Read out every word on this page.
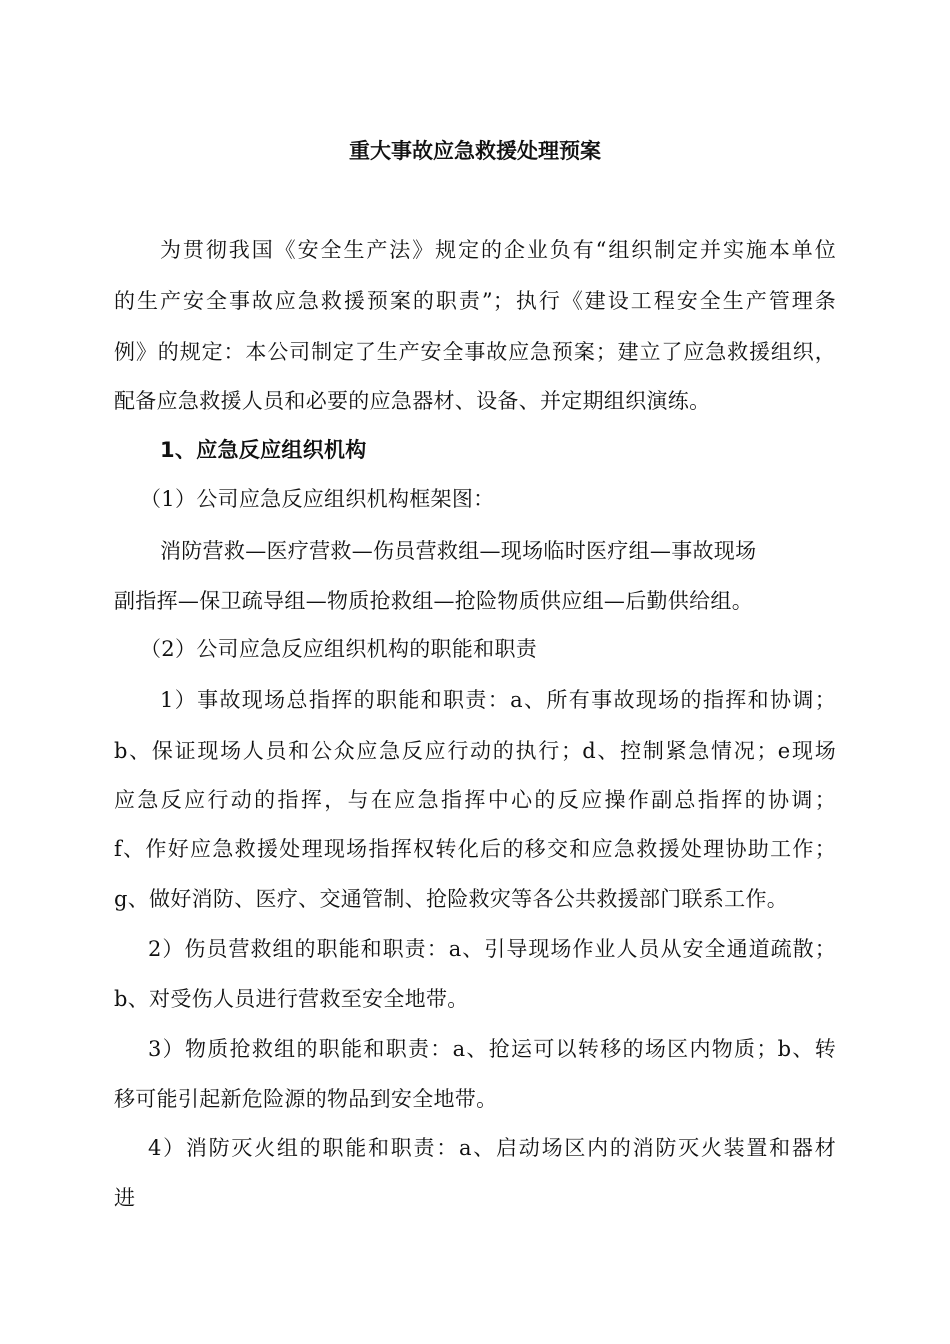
重大事故应急救援处理预案
为贯彻我国《安全生产法》规定的企业负有“组织制定并实施本单位
的生产安全事故应急救援预案的职责”；执行《建设工程安全生产管理条
例》的规定：本公司制定了生产安全事故应急预案；建立了应急救援组织，
配备应急救援人员和必要的应急器材、设备、并定期组织演练。
1、应急反应组织机构
（1）公司应急反应组织机构框架图：
消防营救—医疗营救—伤员营救组—现场临时医疗组—事故现场
副指挥—保卫疏导组—物质抢救组—抢险物质供应组—后勤供给组。
（2）公司应急反应组织机构的职能和职责
1）事故现场总指挥的职能和职责：a、所有事故现场的指挥和协调；
b、保证现场人员和公众应急反应行动的执行；d、控制紧急情况；e现场
应急反应行动的指挥，与在应急指挥中心的反应操作副总指挥的协调；
f、作好应急救援处理现场指挥权转化后的移交和应急救援处理协助工作；
g、做好消防、医疗、交通管制、抢险救灾等各公共救援部门联系工作。
2）伤员营救组的职能和职责：a、引导现场作业人员从安全通道疏散；
b、对受伤人员进行营救至安全地带。
3）物质抢救组的职能和职责：a、抢运可以转移的场区内物质；b、转
移可能引起新危险源的物品到安全地带。
4）消防灭火组的职能和职责：a、启动场区内的消防灭火装置和器材
进
